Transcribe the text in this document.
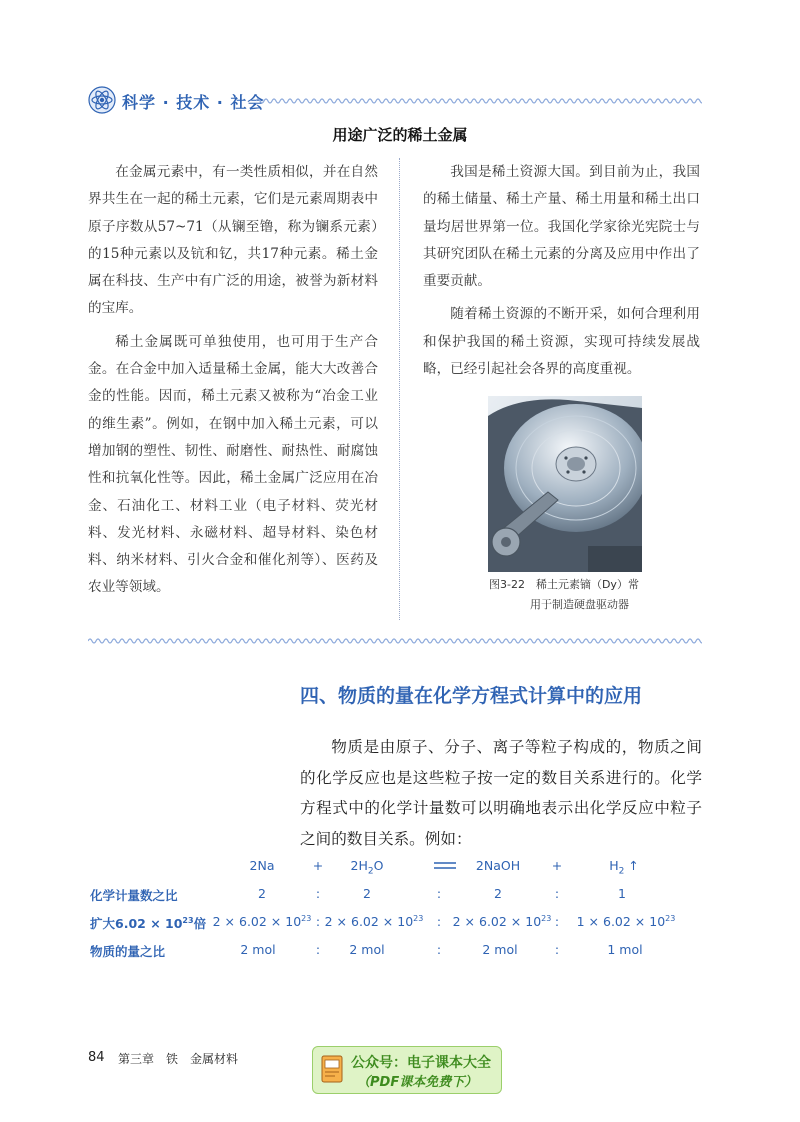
科学 · 技术 · 社会
用途广泛的稀土金属

在金属元素中，有一类性质相似，并在自然界共生在一起的稀土元素，它们是元素周期表中原子序数从57~71（从镧至镥，称为镧系元素）的15种元素以及钪和钇，共17种元素。稀土金属在科技、生产中有广泛的用途，被誉为新材料的宝库。

稀土金属既可单独使用，也可用于生产合金。在合金中加入适量稀土金属，能大大改善合金的性能。因而，稀土元素又被称为“冶金工业的维生素”。例如，在钢中加入稀土元素，可以增加钢的塑性、韧性、耐磨性、耐热性、耐腐蚀性和抗氧化性等。因此，稀土金属广泛应用在冶金、石油化工、材料工业（电子材料、荧光材料、发光材料、永磁材料、超导材料、染色材料、纳米材料、引火合金和催化剂等）、医药及农业等领域。

我国是稀土资源大国。到目前为止，我国的稀土储量、稀土产量、稀土用量和稀土出口量均居世界第一位。我国化学家徐光宪院士与其研究团队在稀土元素的分离及应用中作出了重要贡献。

随着稀土资源的不断开采，如何合理利用和保护我国的稀土资源，实现可持续发展战略，已经引起社会各界的高度重视。

图3-22　稀土元素镝（Dy）常
用于制造硬盘驱动器
四、物质的量在化学方程式计算中的应用

物质是由原子、分子、离子等粒子构成的，物质之间的化学反应也是这些粒子按一定的数目关系进行的。化学方程式中的化学计量数可以明确地表示出化学反应中粒子之间的数目关系。例如：

2Na	+ $2H_2O$	2NaOH	+	$H_2$ ↑
化学计量数之比	2	:	2	:	2	:	1
扩大$6.02 \times 10^{23}$倍 $2 \times 6.02 \times 10^{23}$ : $2 \times 6.02 \times 10^{23}$ : $2 \times 6.02 \times 10^{23}$ : $1 \times 6.02 \times 10^{23}$
物质的量之比	2 mol	: 2 mol	:	2 mol	:	1 mol
84 第三章　铁　金属材料	公众号：电子课本大全
（PDF课本免费下）
